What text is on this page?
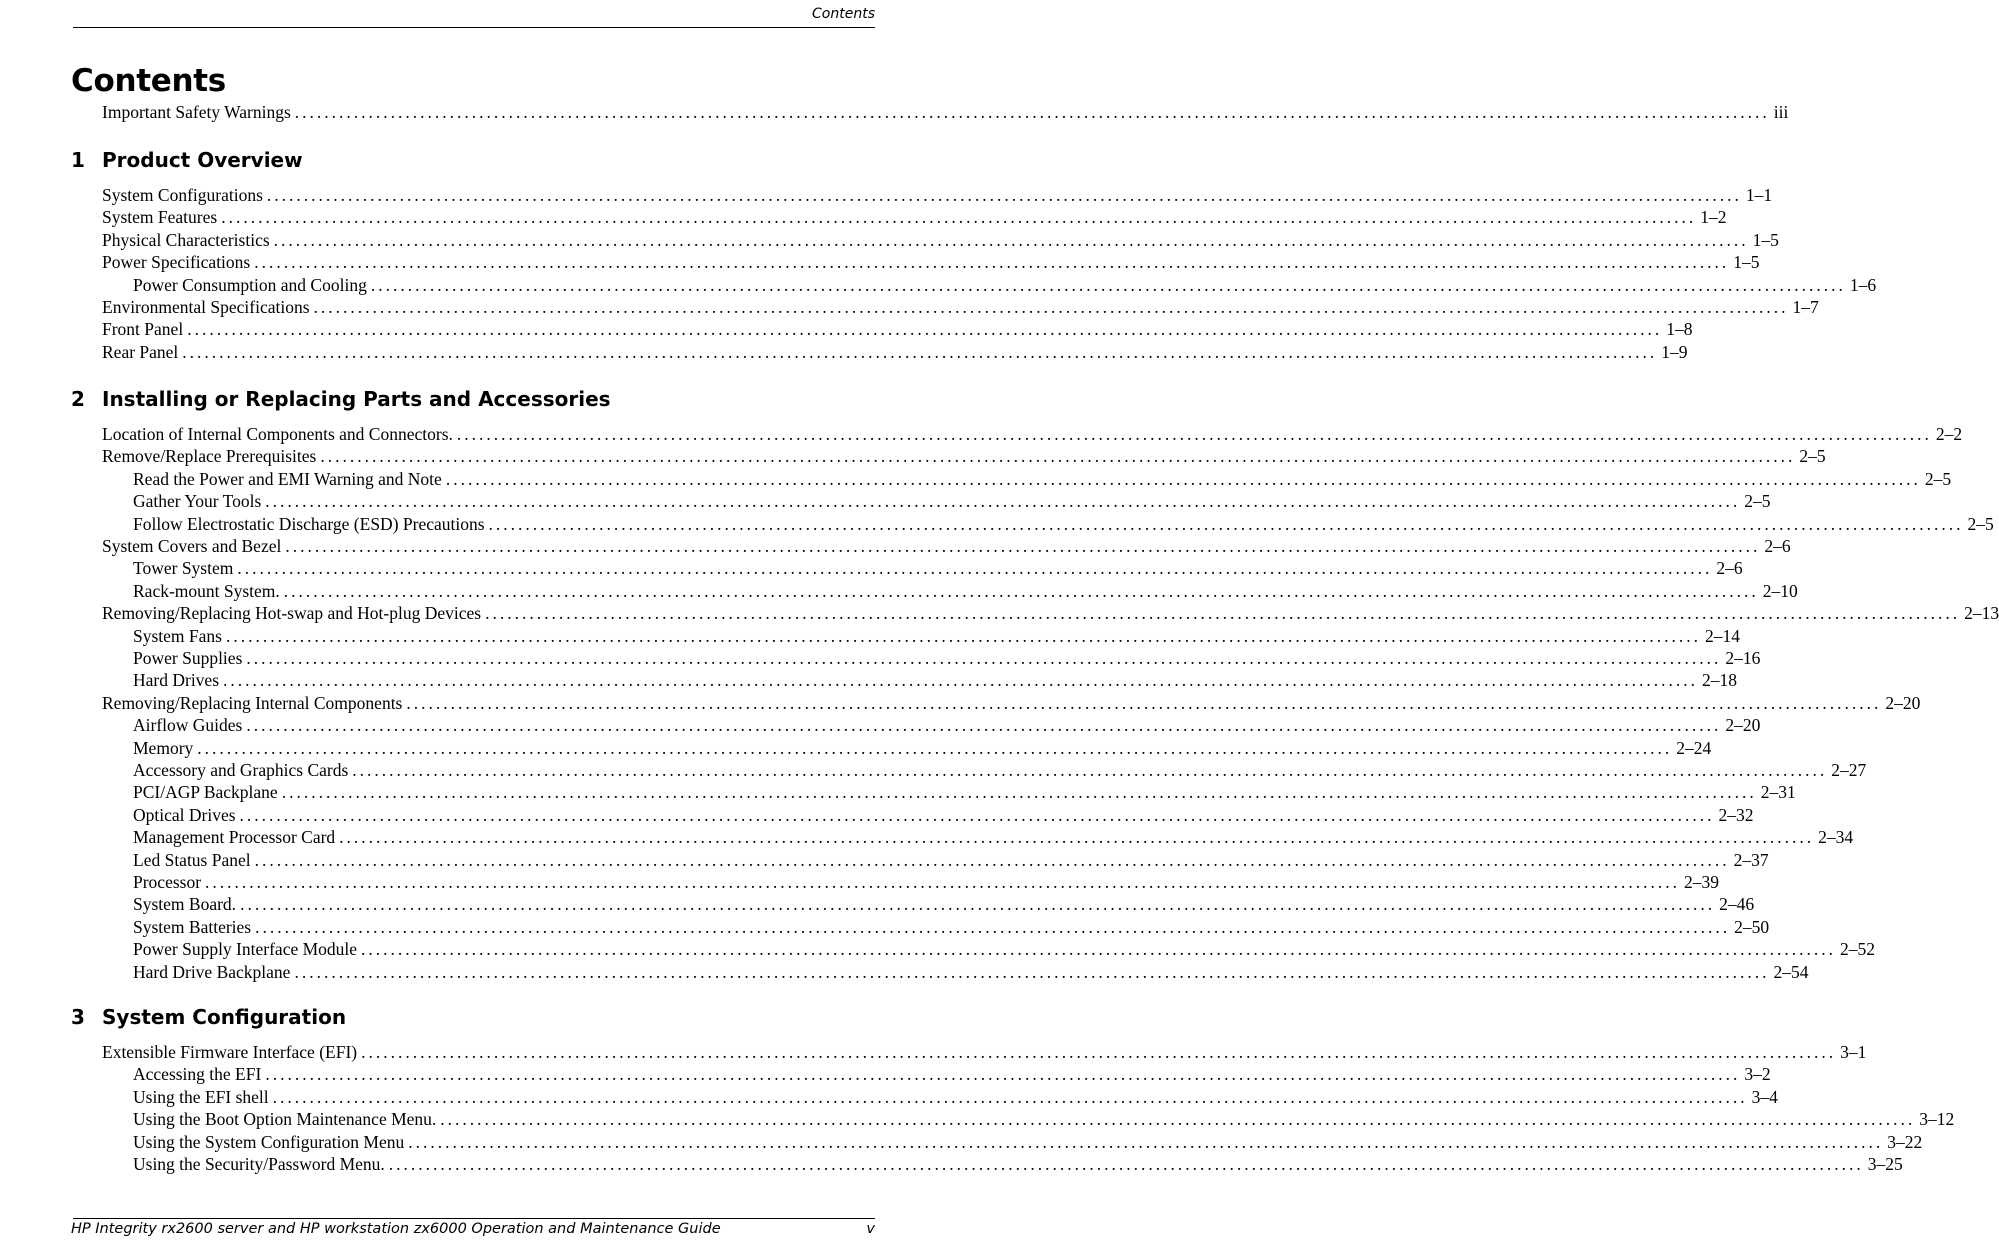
Contents
Contents
Important Safety Warnings ........................................................................................................................................................................................................ iii
1 Product Overview
System Configurations ........................................................................................................................................................................................................ 1–1
System Features ........................................................................................................................................................................................................ 1–2
Physical Characteristics ........................................................................................................................................................................................................ 1–5
Power Specifications ........................................................................................................................................................................................................ 1–5
Power Consumption and Cooling ........................................................................................................................................................................................................ 1–6
Environmental Specifications ........................................................................................................................................................................................................ 1–7
Front Panel ........................................................................................................................................................................................................ 1–8
Rear Panel ........................................................................................................................................................................................................ 1–9
2 Installing or Replacing Parts and Accessories
Location of Internal Components and Connectors. ........................................................................................................................................................................................................ 2–2
Remove/Replace Prerequisites ........................................................................................................................................................................................................ 2–5
Read the Power and EMI Warning and Note ........................................................................................................................................................................................................ 2–5
Gather Your Tools ........................................................................................................................................................................................................ 2–5
Follow Electrostatic Discharge (ESD) Precautions ........................................................................................................................................................................................................ 2–5
System Covers and Bezel ........................................................................................................................................................................................................ 2–6
Tower System ........................................................................................................................................................................................................ 2–6
Rack-mount System. ........................................................................................................................................................................................................ 2–10
Removing/Replacing Hot-swap and Hot-plug Devices ........................................................................................................................................................................................................ 2–13
System Fans ........................................................................................................................................................................................................ 2–14
Power Supplies ........................................................................................................................................................................................................ 2–16
Hard Drives ........................................................................................................................................................................................................ 2–18
Removing/Replacing Internal Components ........................................................................................................................................................................................................ 2–20
Airflow Guides ........................................................................................................................................................................................................ 2–20
Memory ........................................................................................................................................................................................................ 2–24
Accessory and Graphics Cards ........................................................................................................................................................................................................ 2–27
PCI/AGP Backplane ........................................................................................................................................................................................................ 2–31
Optical Drives ........................................................................................................................................................................................................ 2–32
Management Processor Card ........................................................................................................................................................................................................ 2–34
Led Status Panel ........................................................................................................................................................................................................ 2–37
Processor ........................................................................................................................................................................................................ 2–39
System Board. ........................................................................................................................................................................................................ 2–46
System Batteries ........................................................................................................................................................................................................ 2–50
Power Supply Interface Module ........................................................................................................................................................................................................ 2–52
Hard Drive Backplane ........................................................................................................................................................................................................ 2–54
3 System Configuration
Extensible Firmware Interface (EFI) ........................................................................................................................................................................................................ 3–1
Accessing the EFI ........................................................................................................................................................................................................ 3–2
Using the EFI shell ........................................................................................................................................................................................................ 3–4
Using the Boot Option Maintenance Menu. ........................................................................................................................................................................................................ 3–12
Using the System Configuration Menu ........................................................................................................................................................................................................ 3–22
Using the Security/Password Menu. ........................................................................................................................................................................................................ 3–25
HP Integrity rx2600 server and HP workstation zx6000 Operation and Maintenance Guide	v
